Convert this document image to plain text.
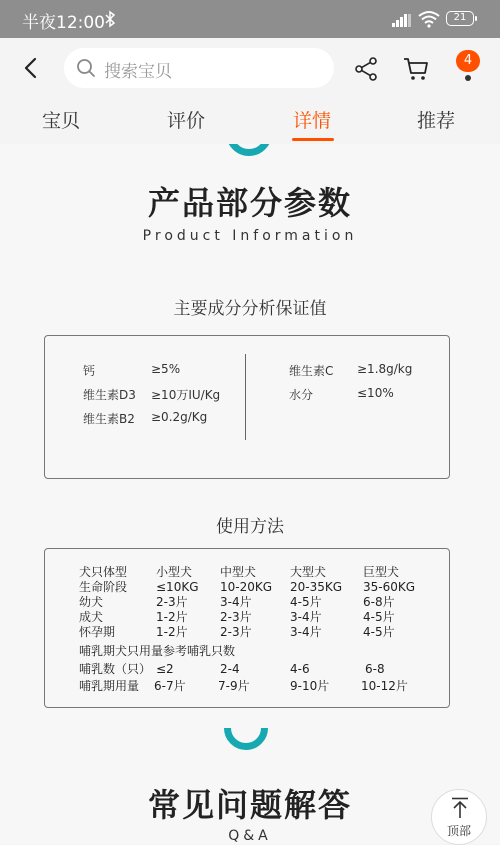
半夜12:00	21
搜索宝贝
4
宝贝	评价	详情	推荐
产品部分参数
Product Information
主要成分分析保证值
钙	≥5%
维生素D3 ≥10万IU/Kg
维生素B2 ≥0.2g/Kg
维生素C ≥1.8g/kg
水分	≤10%
使用方法
犬只体型 小型犬 中型犬	大型犬	巨型犬
生命阶段 ≤10KG 10-20KG 20-35KG 35-60KG
幼犬	2-3片	3-4片	4-5片	6-8片
成犬	1-2片	2-3片	3-4片	4-5片
怀孕期	1-2片	2-3片	3-4片	4-5片
哺乳期犬只用量参考哺乳只数
哺乳数（只） ≤2	2-4	4-6	6-8
哺乳期用量 6-7片	7-9片	9-10片	10-12片
常见问题解答
Q&A	顶部
